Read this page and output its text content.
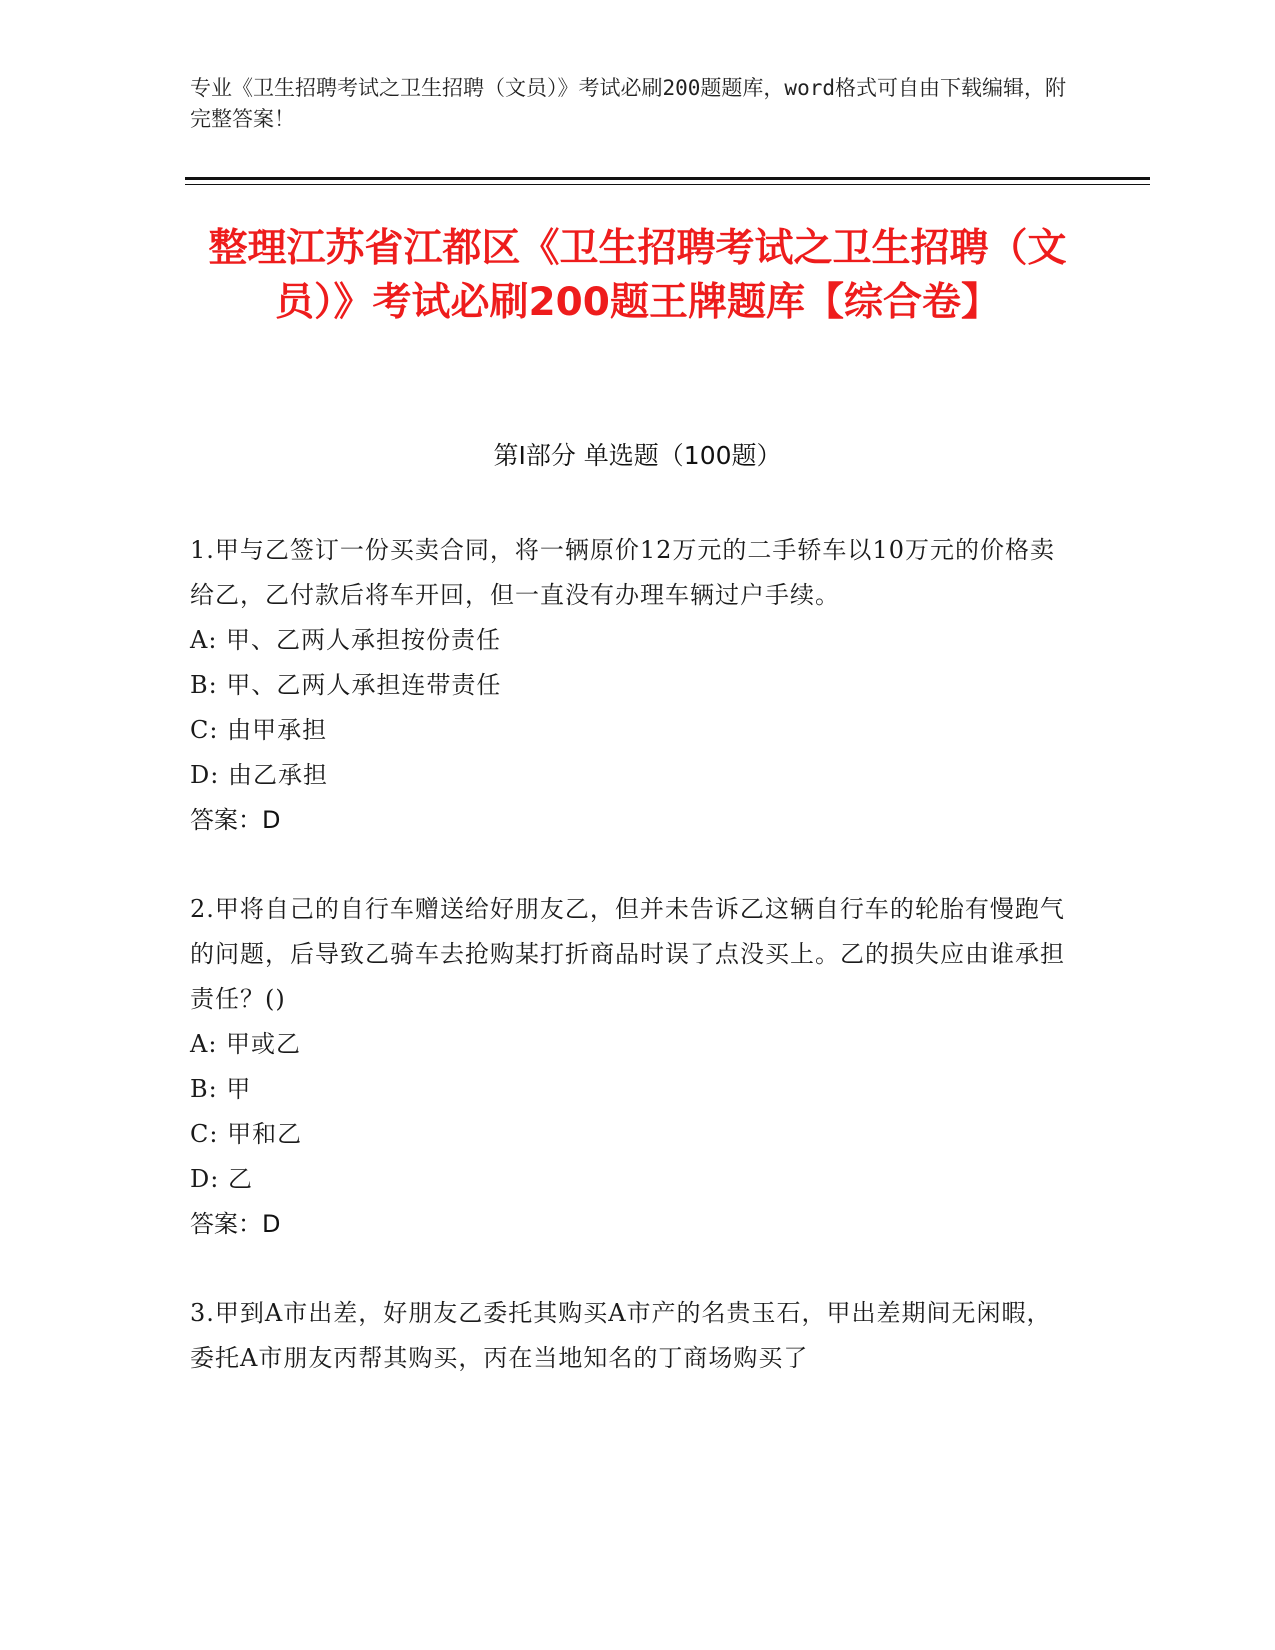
专业《卫生招聘考试之卫生招聘（文员）》考试必刷200题题库，word格式可自由下载编辑，附完整答案！
整理江苏省江都区《卫生招聘考试之卫生招聘（文员）》考试必刷200题王牌题库【综合卷】
第I部分 单选题（100题）
1.甲与乙签订一份买卖合同，将一辆原价12万元的二手轿车以10万元的价格卖给乙，乙付款后将车开回，但一直没有办理车辆过户手续。
A: 甲、乙两人承担按份责任
B: 甲、乙两人承担连带责任
C: 由甲承担
D: 由乙承担
答案：D
2.甲将自己的自行车赠送给好朋友乙，但并未告诉乙这辆自行车的轮胎有慢跑气的问题，后导致乙骑车去抢购某打折商品时误了点没买上。乙的损失应由谁承担责任？()
A: 甲或乙
B: 甲
C: 甲和乙
D: 乙
答案：D
3.甲到A市出差，好朋友乙委托其购买A市产的名贵玉石，甲出差期间无闲暇，委托A市朋友丙帮其购买，丙在当地知名的丁商场购买了
